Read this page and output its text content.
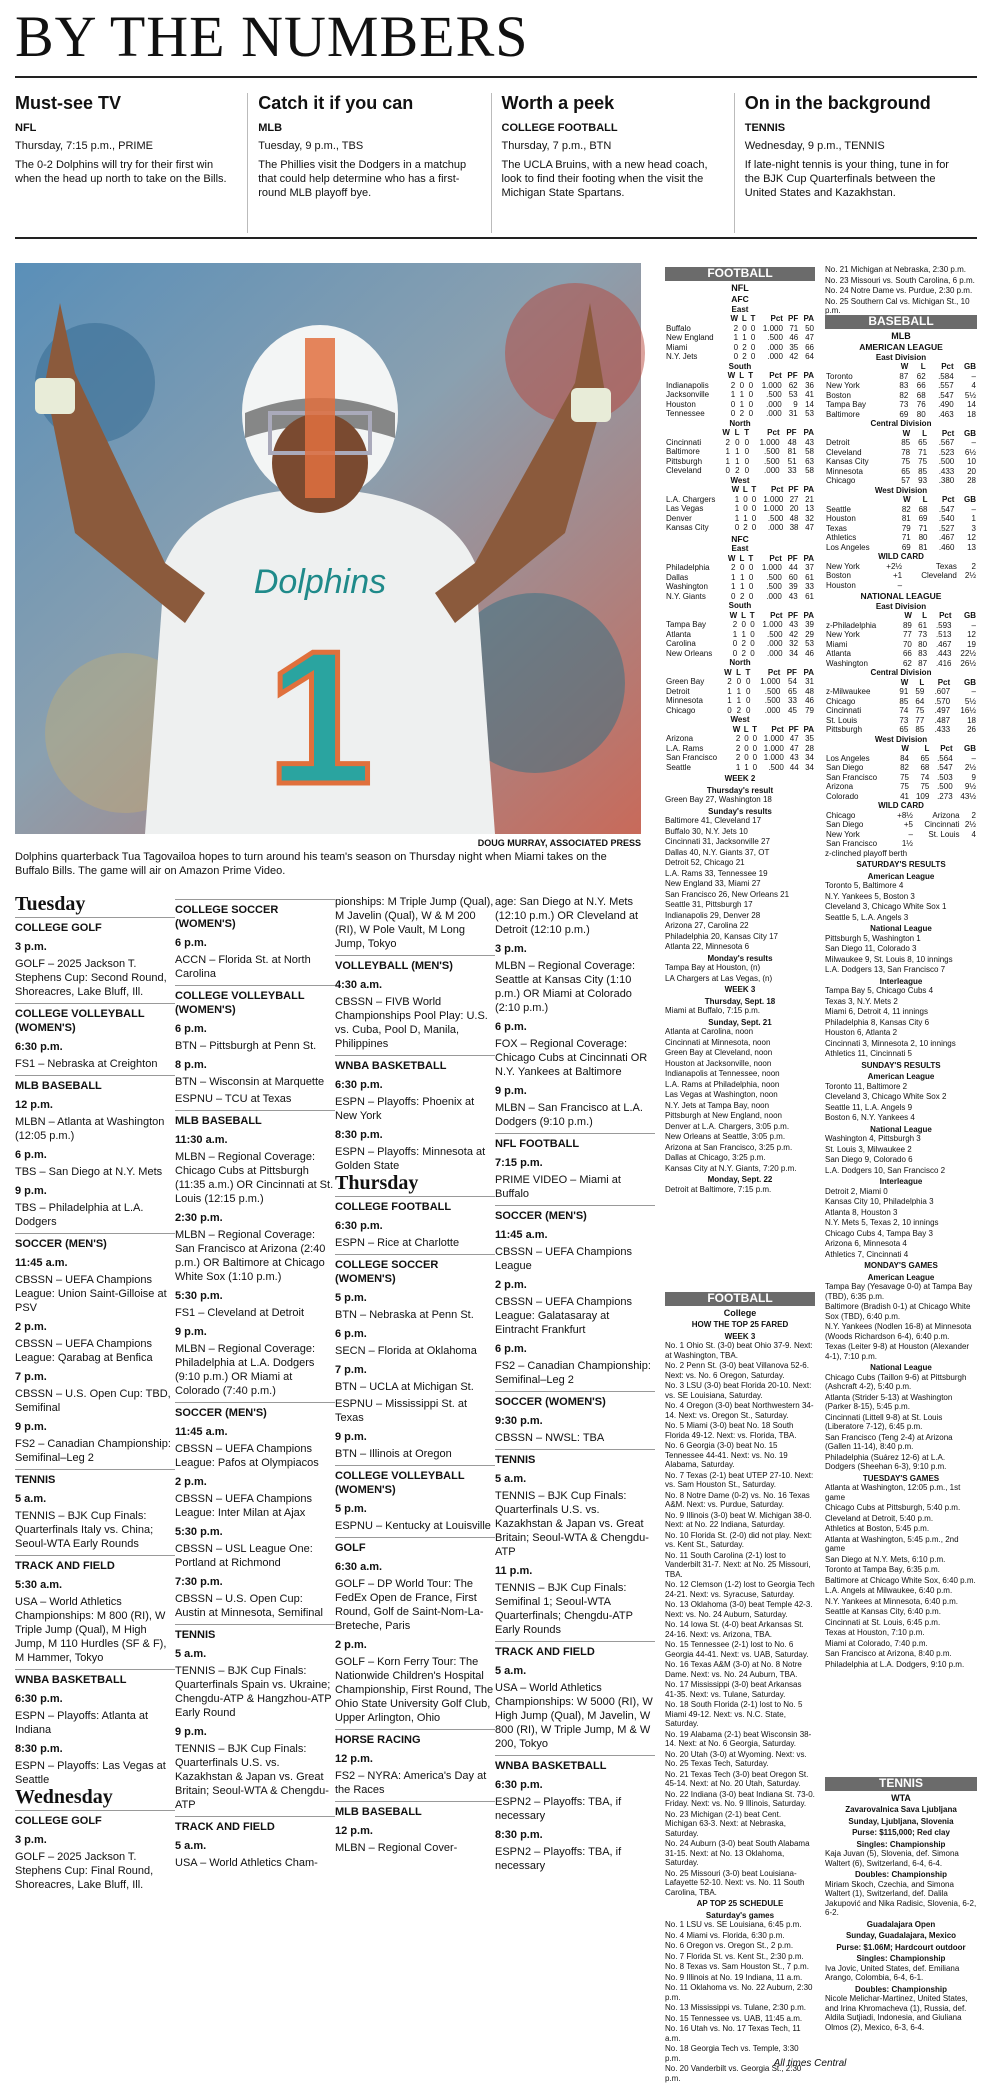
BY THE NUMBERS
Must-see TV
NFL
Thursday, 7:15 p.m., PRIME
The 0-2 Dolphins will try for their first win when the head up north to take on the Bills.
Catch it if you can
MLB
Tuesday, 9 p.m., TBS
The Phillies visit the Dodgers in a matchup that could help determine who has a first-round MLB playoff bye.
Worth a peek
COLLEGE FOOTBALL
Thursday, 7 p.m., BTN
The UCLA Bruins, with a new head coach, look to find their footing when the visit the Michigan State Spartans.
On in the background
TENNIS
Wednesday, 9 p.m., TENNIS
If late-night tennis is your thing, tune in for the BJK Cup Quarterfinals between the United States and Kazakhstan.
Dolphins
1
DOUG MURRAY, ASSOCIATED PRESS
Dolphins quarterback Tua Tagovailoa hopes to turn around his team's season on Thursday night when Miami takes on the Buffalo Bills. The game will air on Amazon Prime Video.
Tuesday
COLLEGE GOLF
3 p.m.
GOLF – 2025 Jackson T. Stephens Cup: Second Round, Shoreacres, Lake Bluff, Ill.
COLLEGE VOLLEYBALL (WOMEN'S)
6:30 p.m.
FS1 – Nebraska at Creighton
MLB BASEBALL
12 p.m.
MLBN – Atlanta at Washington (12:05 p.m.)
6 p.m.
TBS – San Diego at N.Y. Mets
9 p.m.
TBS – Philadelphia at L.A. Dodgers
SOCCER (MEN'S)
11:45 a.m.
CBSSN – UEFA Champions League: Union Saint-Gilloise at PSV
2 p.m.
CBSSN – UEFA Champions League: Qarabag at Benfica
7 p.m.
CBSSN – U.S. Open Cup: TBD, Semifinal
9 p.m.
FS2 – Canadian Championship: Semifinal–Leg 2
TENNIS
5 a.m.
TENNIS – BJK Cup Finals: Quarterfinals Italy vs. China; Seoul-WTA Early Rounds
TRACK AND FIELD
5:30 a.m.
USA – World Athletics Championships: M 800 (RI), W Triple Jump (Qual), M High Jump, M 110 Hurdles (SF & F), M Hammer, Tokyo
WNBA BASKETBALL
6:30 p.m.
ESPN – Playoffs: Atlanta at Indiana
8:30 p.m.
ESPN – Playoffs: Las Vegas at Seattle
Wednesday
COLLEGE GOLF
3 p.m.
GOLF – 2025 Jackson T. Stephens Cup: Final Round, Shoreacres, Lake Bluff, Ill.
COLLEGE SOCCER (WOMEN'S)
6 p.m.
ACCN – Florida St. at North Carolina
COLLEGE VOLLEYBALL (WOMEN'S)
6 p.m.
BTN – Pittsburgh at Penn St.
8 p.m.
BTN – Wisconsin at Marquette
ESPNU – TCU at Texas
MLB BASEBALL
11:30 a.m.
MLBN – Regional Coverage: Chicago Cubs at Pittsburgh (11:35 a.m.) OR Cincinnati at St. Louis (12:15 p.m.)
2:30 p.m.
MLBN – Regional Coverage: San Francisco at Arizona (2:40 p.m.) OR Baltimore at Chicago White Sox (1:10 p.m.)
5:30 p.m.
FS1 – Cleveland at Detroit
9 p.m.
MLBN – Regional Coverage: Philadelphia at L.A. Dodgers (9:10 p.m.) OR Miami at Colorado (7:40 p.m.)
SOCCER (MEN'S)
11:45 a.m.
CBSSN – UEFA Champions League: Pafos at Olympiacos
2 p.m.
CBSSN – UEFA Champions League: Inter Milan at Ajax
5:30 p.m.
CBSSN – USL League One: Portland at Richmond
7:30 p.m.
CBSSN – U.S. Open Cup: Austin at Minnesota, Semifinal
TENNIS
5 a.m.
TENNIS – BJK Cup Finals: Quarterfinals Spain vs. Ukraine; Chengdu-ATP & Hangzhou-ATP Early Round
9 p.m.
TENNIS – BJK Cup Finals: Quarterfinals U.S. vs. Kazakhstan & Japan vs. Great Britain; Seoul-WTA & Chengdu-ATP
TRACK AND FIELD
5 a.m.
USA – World Athletics Cham-
pionships: M Triple Jump (Qual), M Javelin (Qual), W & M 200 (RI), W Pole Vault, M Long Jump, Tokyo
VOLLEYBALL (MEN'S)
4:30 a.m.
CBSSN – FIVB World Championships Pool Play: U.S. vs. Cuba, Pool D, Manila, Philippines
WNBA BASKETBALL
6:30 p.m.
ESPN – Playoffs: Phoenix at New York
8:30 p.m.
ESPN – Playoffs: Minnesota at Golden State
Thursday
COLLEGE FOOTBALL
6:30 p.m.
ESPN – Rice at Charlotte
COLLEGE SOCCER (WOMEN'S)
5 p.m.
BTN – Nebraska at Penn St.
6 p.m.
SECN – Florida at Oklahoma
7 p.m.
BTN – UCLA at Michigan St.
ESPNU – Mississippi St. at Texas
9 p.m.
BTN – Illinois at Oregon
COLLEGE VOLLEYBALL (WOMEN'S)
5 p.m.
ESPNU – Kentucky at Louisville
GOLF
6:30 a.m.
GOLF – DP World Tour: The FedEx Open de France, First Round, Golf de Saint-Nom-La-Breteche, Paris
2 p.m.
GOLF – Korn Ferry Tour: The Nationwide Children's Hospital Championship, First Round, The Ohio State University Golf Club, Upper Arlington, Ohio
HORSE RACING
12 p.m.
FS2 – NYRA: America's Day at the Races
MLB BASEBALL
12 p.m.
MLBN – Regional Cover-
age: San Diego at N.Y. Mets (12:10 p.m.) OR Cleveland at Detroit (12:10 p.m.)
3 p.m.
MLBN – Regional Coverage: Seattle at Kansas City (1:10 p.m.) OR Miami at Colorado (2:10 p.m.)
6 p.m.
FOX – Regional Coverage: Chicago Cubs at Cincinnati OR N.Y. Yankees at Baltimore
9 p.m.
MLBN – San Francisco at L.A. Dodgers (9:10 p.m.)
NFL FOOTBALL
7:15 p.m.
PRIME VIDEO – Miami at Buffalo
SOCCER (MEN'S)
11:45 a.m.
CBSSN – UEFA Champions League
2 p.m.
CBSSN – UEFA Champions League: Galatasaray at Eintracht Frankfurt
6 p.m.
FS2 – Canadian Championship: Semifinal–Leg 2
SOCCER (WOMEN'S)
9:30 p.m.
CBSSN – NWSL: TBA
TENNIS
5 a.m.
TENNIS – BJK Cup Finals: Quarterfinals U.S. vs. Kazakhstan & Japan vs. Great Britain; Seoul-WTA & Chengdu-ATP
11 p.m.
TENNIS – BJK Cup Finals: Semifinal 1; Seoul-WTA Quarterfinals; Chengdu-ATP Early Rounds
TRACK AND FIELD
5 a.m.
USA – World Athletics Championships: W 5000 (RI), W High Jump (Qual), M Javelin, W 800 (RI), W Triple Jump, M & W 200, Tokyo
WNBA BASKETBALL
6:30 p.m.
ESPN2 – Playoffs: TBA, if necessary
8:30 p.m.
ESPN2 – Playoffs: TBA, if necessary
FOOTBALL
NFL
AFC
East
	W	L	T	Pct	PF	PA
Buffalo	2	0	0	1.000	71	50
New England	1	1	0	.500	46	47
Miami	0	2	0	.000	35	66
N.Y. Jets	0	2	0	.000	42	64
South
	W	L	T	Pct	PF	PA
Indianapolis	2	0	0	1.000	62	36
Jacksonville	1	1	0	.500	53	41
Houston	0	1	0	.000	9	14
Tennessee	0	2	0	.000	31	53
North
	W	L	T	Pct	PF	PA
Cincinnati	2	0	0	1.000	48	43
Baltimore	1	1	0	.500	81	58
Pittsburgh	1	1	0	.500	51	63
Cleveland	0	2	0	.000	33	58
West
	W	L	T	Pct	PF	PA
L.A. Chargers	1	0	0	1.000	27	21
Las Vegas	1	0	0	1.000	20	13
Denver	1	1	0	.500	48	32
Kansas City	0	2	0	.000	38	47
NFC
East
	W	L	T	Pct	PF	PA
Philadelphia	2	0	0	1.000	44	37
Dallas	1	1	0	.500	60	61
Washington	1	1	0	.500	39	33
N.Y. Giants	0	2	0	.000	43	61
South
	W	L	T	Pct	PF	PA
Tampa Bay	2	0	0	1.000	43	39
Atlanta	1	1	0	.500	42	29
Carolina	0	2	0	.000	32	53
New Orleans	0	2	0	.000	34	46
North
	W	L	T	Pct	PF	PA
Green Bay	2	0	0	1.000	54	31
Detroit	1	1	0	.500	65	48
Minnesota	1	1	0	.500	33	46
Chicago	0	2	0	.000	45	79
West
	W	L	T	Pct	PF	PA
Arizona	2	0	0	1.000	47	35
L.A. Rams	2	0	0	1.000	47	28
San Francisco	2	0	0	1.000	43	34
Seattle	1	1	0	.500	44	34
WEEK 2
Thursday's result
Green Bay 27, Washington 18
Sunday's results
Baltimore 41, Cleveland 17
Buffalo 30, N.Y. Jets 10
Cincinnati 31, Jacksonville 27
Dallas 40, N.Y. Giants 37, OT
Detroit 52, Chicago 21
L.A. Rams 33, Tennessee 19
New England 33, Miami 27
San Francisco 26, New Orleans 21
Seattle 31, Pittsburgh 17
Indianapolis 29, Denver 28
Arizona 27, Carolina 22
Philadelphia 20, Kansas City 17
Atlanta 22, Minnesota 6
Monday's results
Tampa Bay at Houston, (n)
LA Chargers at Las Vegas, (n)
WEEK 3
Thursday, Sept. 18
Miami at Buffalo, 7:15 p.m.
Sunday, Sept. 21
Atlanta at Carolina, noon
Cincinnati at Minnesota, noon
Green Bay at Cleveland, noon
Houston at Jacksonville, noon
Indianapolis at Tennessee, noon
L.A. Rams at Philadelphia, noon
Las Vegas at Washington, noon
N.Y. Jets at Tampa Bay, noon
Pittsburgh at New England, noon
Denver at L.A. Chargers, 3:05 p.m.
New Orleans at Seattle, 3:05 p.m.
Arizona at San Francisco, 3:25 p.m.
Dallas at Chicago, 3:25 p.m.
Kansas City at N.Y. Giants, 7:20 p.m.
Monday, Sept. 22
Detroit at Baltimore, 7:15 p.m.
FOOTBALL
College
HOW THE TOP 25 FARED
WEEK 3
No. 1 Ohio St. (3-0) beat Ohio 37-9. Next: at Washington, TBA.
No. 2 Penn St. (3-0) beat Villanova 52-6. Next: vs. No. 6 Oregon, Saturday.
No. 3 LSU (3-0) beat Florida 20-10. Next: vs. SE Louisiana, Saturday.
No. 4 Oregon (3-0) beat Northwestern 34-14. Next: vs. Oregon St., Saturday.
No. 5 Miami (3-0) beat No. 18 South Florida 49-12. Next: vs. Florida, TBA.
No. 6 Georgia (3-0) beat No. 15 Tennessee 44-41. Next: vs. No. 19 Alabama, Saturday.
No. 7 Texas (2-1) beat UTEP 27-10. Next: vs. Sam Houston St., Saturday.
No. 8 Notre Dame (0-2) vs. No. 16 Texas A&M. Next: vs. Purdue, Saturday.
No. 9 Illinois (3-0) beat W. Michigan 38-0. Next: at No. 22 Indiana, Saturday.
No. 10 Florida St. (2-0) did not play. Next: vs. Kent St., Saturday.
No. 11 South Carolina (2-1) lost to Vanderbilt 31-7. Next: at No. 25 Missouri, TBA.
No. 12 Clemson (1-2) lost to Georgia Tech 24-21. Next: vs. Syracuse, Saturday.
No. 13 Oklahoma (3-0) beat Temple 42-3. Next: vs. No. 24 Auburn, Saturday.
No. 14 Iowa St. (4-0) beat Arkansas St. 24-16. Next: vs. Arizona, TBA.
No. 15 Tennessee (2-1) lost to No. 6 Georgia 44-41. Next: vs. UAB, Saturday.
No. 16 Texas A&M (3-0) at No. 8 Notre Dame. Next: vs. No. 24 Auburn, TBA.
No. 17 Mississippi (3-0) beat Arkansas 41-35. Next: vs. Tulane, Saturday.
No. 18 South Florida (2-1) lost to No. 5 Miami 49-12. Next: vs. N.C. State, Saturday.
No. 19 Alabama (2-1) beat Wisconsin 38-14. Next: at No. 6 Georgia, Saturday.
No. 20 Utah (3-0) at Wyoming. Next: vs. No. 25 Texas Tech, Saturday.
No. 21 Texas Tech (3-0) beat Oregon St. 45-14. Next: at No. 20 Utah, Saturday.
No. 22 Indiana (3-0) beat Indiana St. 73-0. Friday. Next: vs. No. 9 Illinois, Saturday.
No. 23 Michigan (2-1) beat Cent. Michigan 63-3. Next: at Nebraska, Saturday.
No. 24 Auburn (3-0) beat South Alabama 31-15. Next: at No. 13 Oklahoma, Saturday.
No. 25 Missouri (3-0) beat Louisiana-Lafayette 52-10. Next: vs. No. 11 South Carolina, TBA.
AP TOP 25 SCHEDULE
Saturday's games
No. 1 LSU vs. SE Louisiana, 6:45 p.m.
No. 4 Miami vs. Florida, 6:30 p.m.
No. 6 Oregon vs. Oregon St., 2 p.m.
No. 7 Florida St. vs. Kent St., 2:30 p.m.
No. 8 Texas vs. Sam Houston St., 7 p.m.
No. 9 Illinois at No. 19 Indiana, 11 a.m.
No. 11 Oklahoma vs. No. 22 Auburn, 2:30 p.m.
No. 13 Mississippi vs. Tulane, 2:30 p.m.
No. 15 Tennessee vs. UAB, 11:45 a.m.
No. 16 Utah vs. No. 17 Texas Tech, 11 a.m.
No. 18 Georgia Tech vs. Temple, 3:30 p.m.
No. 20 Vanderbilt vs. Georgia St., 2:30 p.m.
No. 21 Michigan at Nebraska, 2:30 p.m.
No. 23 Missouri vs. South Carolina, 6 p.m.
No. 24 Notre Dame vs. Purdue, 2:30 p.m.
No. 25 Southern Cal vs. Michigan St., 10 p.m.
BASEBALL
MLB
AMERICAN LEAGUE
East Division
	W	L	Pct	GB
Toronto	87	62	.584	–
New York	83	66	.557	4
Boston	82	68	.547	5½
Tampa Bay	73	76	.490	14
Baltimore	69	80	.463	18
Central Division
	W	L	Pct	GB
Detroit	85	65	.567	–
Cleveland	78	71	.523	6½
Kansas City	75	75	.500	10
Minnesota	65	85	.433	20
Chicago	57	93	.380	28
West Division
	W	L	Pct	GB
Seattle	82	68	.547	–
Houston	81	69	.540	1
Texas	79	71	.527	3
Athletics	71	80	.467	12
Los Angeles	69	81	.460	13
WILD CARD
New York	+2½	Texas	2
Boston	+1	Cleveland	2½
Houston	–		
NATIONAL LEAGUE
East Division
	W	L	Pct	GB
z-Philadelphia	89	61	.593	–
New York	77	73	.513	12
Miami	70	80	.467	19
Atlanta	66	83	.443	22½
Washington	62	87	.416	26½
Central Division
	W	L	Pct	GB
z-Milwaukee	91	59	.607	–
Chicago	85	64	.570	5½
Cincinnati	74	75	.497	16½
St. Louis	73	77	.487	18
Pittsburgh	65	85	.433	26
West Division
	W	L	Pct	GB
Los Angeles	84	65	.564	–
San Diego	82	68	.547	2½
San Francisco	75	74	.503	9
Arizona	75	75	.500	9½
Colorado	41	109	.273	43½
WILD CARD
Chicago	+8½	Arizona	2
San Diego	+5	Cincinnati	2½
New York	–	St. Louis	4
San Francisco	1½		
z-clinched playoff berth
SATURDAY'S RESULTS
American League
Toronto 5, Baltimore 4
N.Y. Yankees 5, Boston 3
Cleveland 3, Chicago White Sox 1
Seattle 5, L.A. Angels 3
National League
Pittsburgh 5, Washington 1
San Diego 11, Colorado 3
Milwaukee 9, St. Louis 8, 10 innings
L.A. Dodgers 13, San Francisco 7
Interleague
Tampa Bay 5, Chicago Cubs 4
Texas 3, N.Y. Mets 2
Miami 6, Detroit 4, 11 innings
Philadelphia 8, Kansas City 6
Houston 6, Atlanta 2
Cincinnati 3, Minnesota 2, 10 innings
Athletics 11, Cincinnati 5
SUNDAY'S RESULTS
American League
Toronto 11, Baltimore 2
Cleveland 3, Chicago White Sox 2
Seattle 11, L.A. Angels 9
Boston 6, N.Y. Yankees 4
National League
Washington 4, Pittsburgh 3
St. Louis 3, Milwaukee 2
San Diego 9, Colorado 6
L.A. Dodgers 10, San Francisco 2
Interleague
Detroit 2, Miami 0
Kansas City 10, Philadelphia 3
Atlanta 8, Houston 3
N.Y. Mets 5, Texas 2, 10 innings
Chicago Cubs 4, Tampa Bay 3
Arizona 6, Minnesota 4
Athletics 7, Cincinnati 4
MONDAY'S GAMES
American League
Tampa Bay (Yesavage 0-0) at Tampa Bay (TBD), 6:35 p.m.
Baltimore (Bradish 0-1) at Chicago White Sox (TBD), 6:40 p.m.
N.Y. Yankees (Nodlen 16-8) at Minnesota (Woods Richardson 6-4), 6:40 p.m.
Texas (Leiter 9-8) at Houston (Alexander 4-1), 7:10 p.m.
National League
Chicago Cubs (Taillon 9-6) at Pittsburgh (Ashcraft 4-2), 5:40 p.m.
Atlanta (Strider 5-13) at Washington (Parker 8-15), 5:45 p.m.
Cincinnati (Littell 9-8) at St. Louis (Liberatore 7-12), 6:45 p.m.
San Francisco (Teng 2-4) at Arizona (Gallen 11-14), 8:40 p.m.
Philadelphia (Suárez 12-6) at L.A. Dodgers (Sheehan 6-3), 9:10 p.m.
TUESDAY'S GAMES
Atlanta at Washington, 12:05 p.m., 1st game
Chicago Cubs at Pittsburgh, 5:40 p.m.
Cleveland at Detroit, 5:40 p.m.
Athletics at Boston, 5:45 p.m.
Atlanta at Washington, 5:45 p.m., 2nd game
San Diego at N.Y. Mets, 6:10 p.m.
Toronto at Tampa Bay, 6:35 p.m.
Baltimore at Chicago White Sox, 6:40 p.m.
L.A. Angels at Milwaukee, 6:40 p.m.
N.Y. Yankees at Minnesota, 6:40 p.m.
Seattle at Kansas City, 6:40 p.m.
Cincinnati at St. Louis, 6:45 p.m.
Texas at Houston, 7:10 p.m.
Miami at Colorado, 7:40 p.m.
San Francisco at Arizona, 8:40 p.m.
Philadelphia at L.A. Dodgers, 9:10 p.m.
TENNIS
WTA
Zavarovalnica Sava Ljubljana
Sunday, Ljubljana, Slovenia
Purse: $115,000; Red clay
Singles: Championship
Kaja Juvan (5), Slovenia, def. Simona Waltert (6), Switzerland, 6-4, 6-4.
Doubles: Championship
Miriam Skoch, Czechia, and Simona Waltert (1), Switzerland, def. Dalila Jakupović and Nika Radisic, Slovenia, 6-2, 6-2.
Guadalajara Open
Sunday, Guadalajara, Mexico
Purse: $1.06M; Hardcourt outdoor
Singles: Championship
Iva Jovic, United States, def. Emiliana Arango, Colombia, 6-4, 6-1.
Doubles: Championship
Nicole Melichar-Martinez, United States, and Irina Khromacheva (1), Russia, def. Aldila Sutjiadi, Indonesia, and Giuliana Olmos (2), Mexico, 6-3, 6-4.
All times Central
